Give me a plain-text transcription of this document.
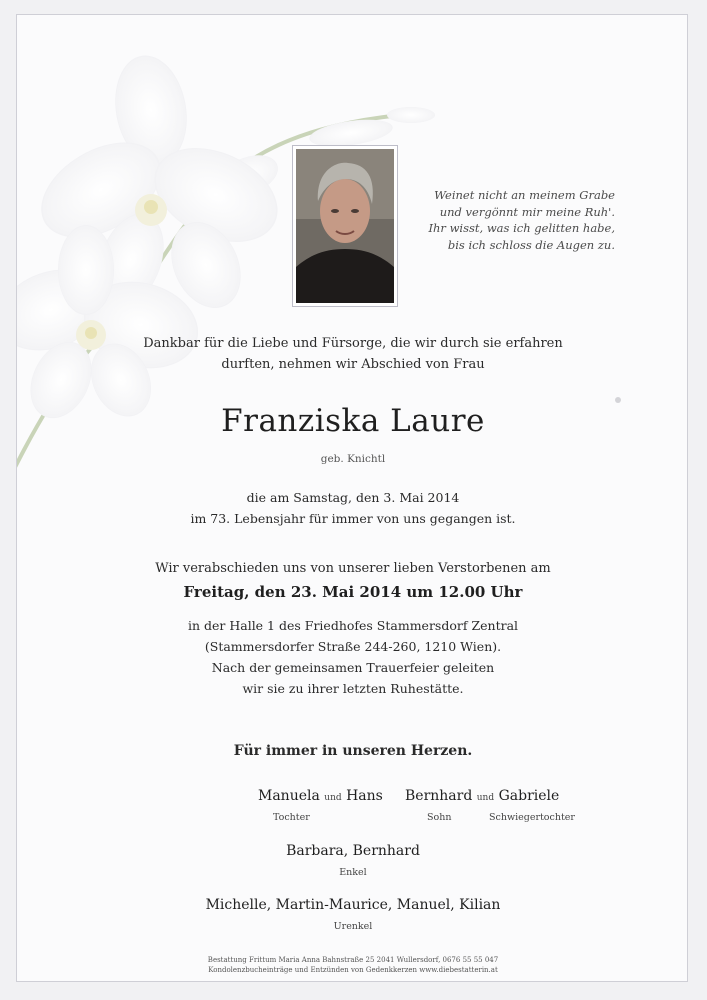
Weinet nicht an meinem Grabe
und vergönnt mir meine Ruh'.
Ihr wisst, was ich gelitten habe,
bis ich schloss die Augen zu.
Dankbar für die Liebe und Fürsorge, die wir durch sie erfahren
durften, nehmen wir Abschied von Frau
Franziska Laure
geb. Knichtl
die am Samstag, den 3. Mai 2014
im 73. Lebensjahr für immer von uns gegangen ist.
Wir verabschieden uns von unserer lieben Verstorbenen am
Freitag, den 23. Mai 2014 um 12.00 Uhr
in der Halle 1 des Friedhofes Stammersdorf Zentral
(Stammersdorfer Straße 244-260, 1210 Wien).
Nach der gemeinsamen Trauerfeier geleiten
wir sie zu ihrer letzten Ruhestätte.
Für immer in unseren Herzen.
Manuela und Hans
Tochter
Bernhard und Gabriele
Sohn	Schwiegertochter
Barbara, Bernhard
Enkel
Michelle, Martin-Maurice, Manuel, Kilian
Urenkel
Bestattung Frittum Maria Anna Bahnstraße 25 2041 Wullersdorf, 0676 55 55 047
Kondolenzbucheinträge und Entzünden von Gedenkkerzen www.diebestatterin.at
